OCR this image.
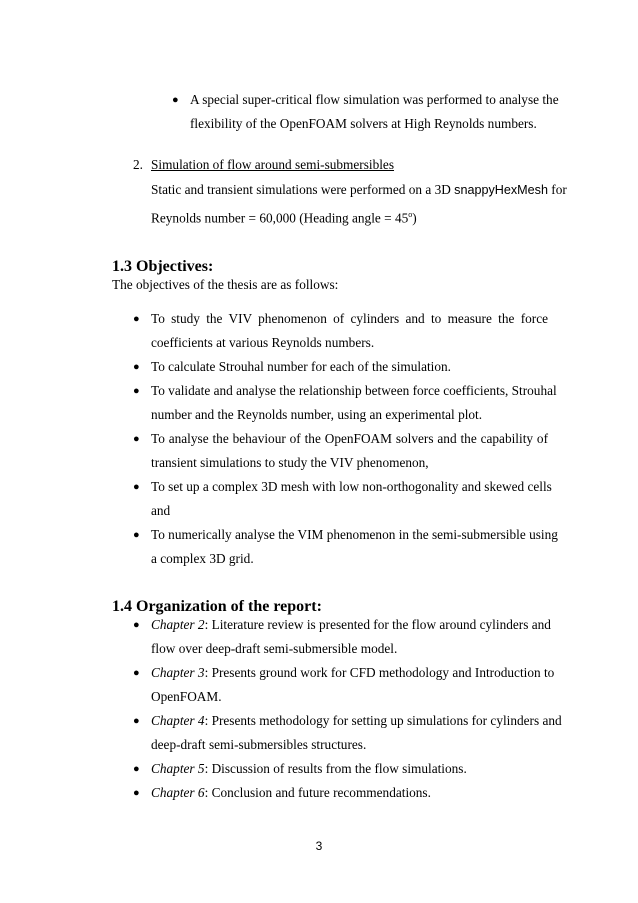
● A special super-critical flow simulation was performed to analyse the
flexibility of the OpenFOAM solvers at High Reynolds numbers.
2. Simulation of flow around semi-submersibles
Static and transient simulations were performed on a 3D snappyHexMesh for
Reynolds number = 60,000 (Heading angle = $45^o$)
1.3 Objectives:
The objectives of the thesis are as follows:
● To study the VIV phenomenon of cylinders and to measure the force
coefficients at various Reynolds numbers.
● To calculate Strouhal number for each of the simulation.
● To validate and analyse the relationship between force coefficients, Strouhal
number and the Reynolds number, using an experimental plot.
● To analyse the behaviour of the OpenFOAM solvers and the capability of
transient simulations to study the VIV phenomenon,
● To set up a complex 3D mesh with low non-orthogonality and skewed cells
and
● To numerically analyse the VIM phenomenon in the semi-submersible using
a complex 3D grid.
1.4 Organization of the report:
● Chapter 2: Literature review is presented for the flow around cylinders and
flow over deep-draft semi-submersible model.
● Chapter 3: Presents ground work for CFD methodology and Introduction to
OpenFOAM.
● Chapter 4: Presents methodology for setting up simulations for cylinders and
deep-draft semi-submersibles structures.
● Chapter 5: Discussion of results from the flow simulations.
● Chapter 6: Conclusion and future recommendations.
3
